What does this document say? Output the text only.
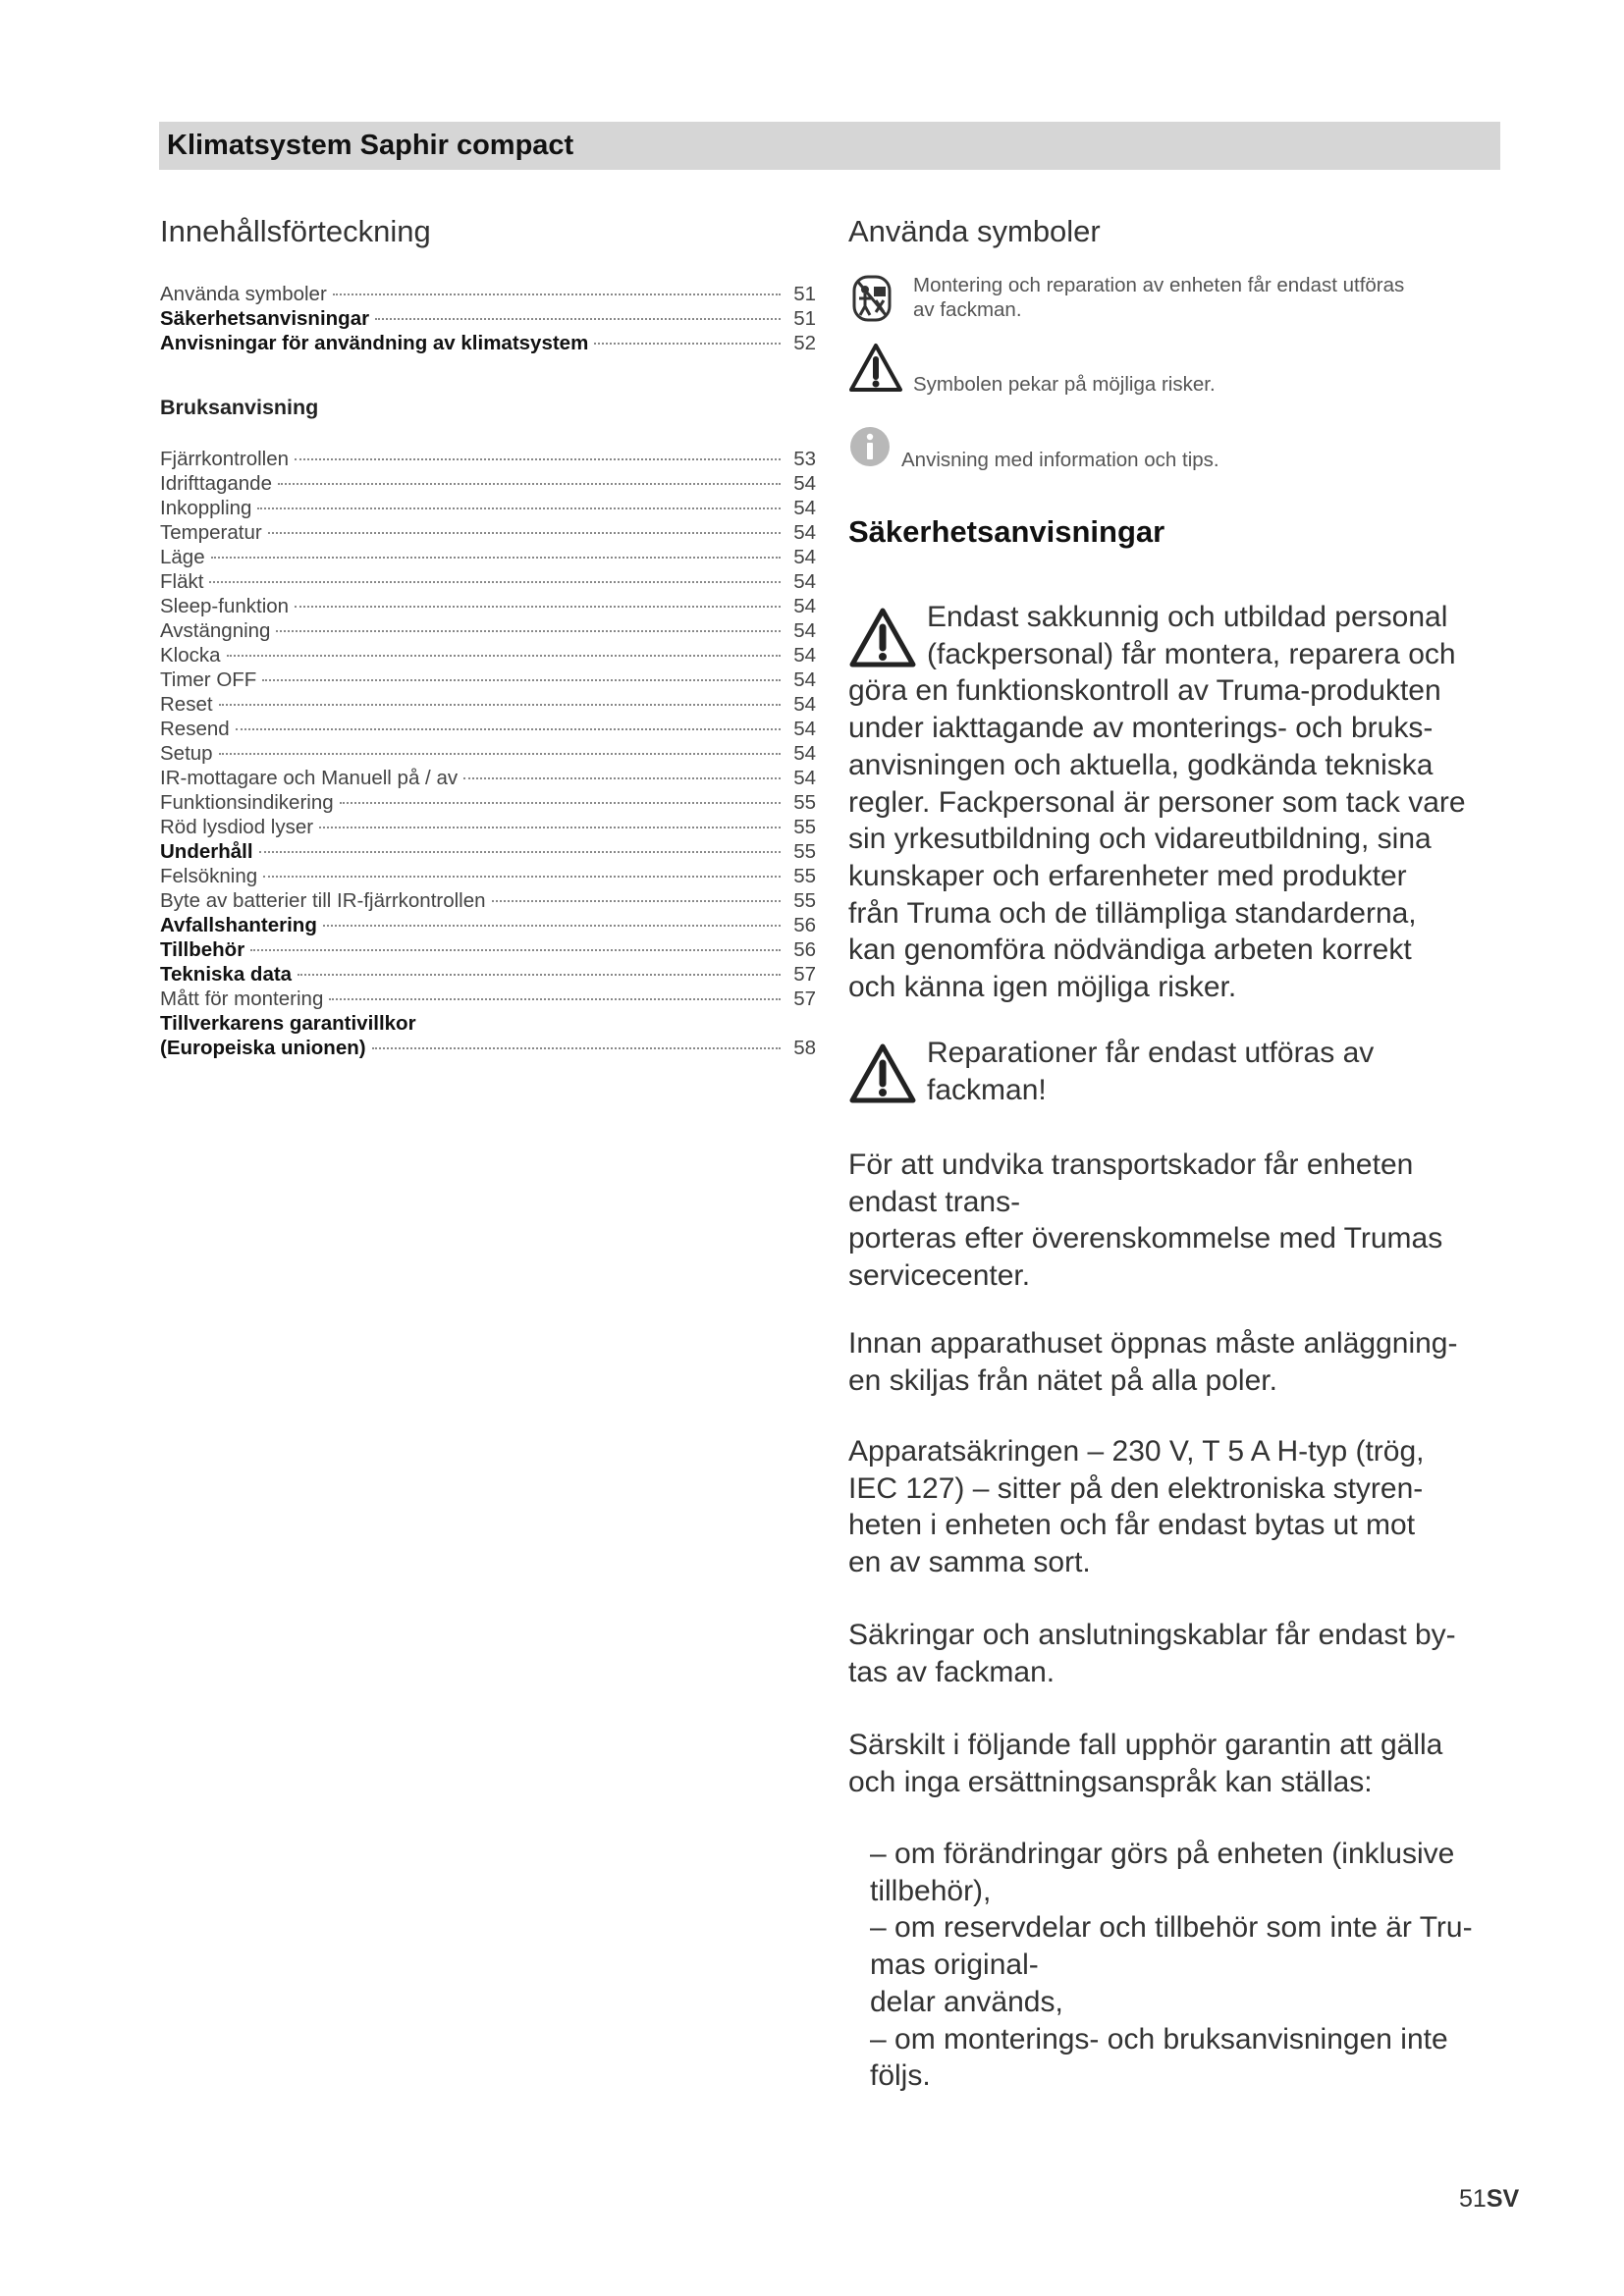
Klimatsystem Saphir compact
Innehållsförteckning
Använda symboler	51
Säkerhetsanvisningar	51
Anvisningar för användning av klimatsystem	52
Bruksanvisning
Fjärrkontrollen	53
Idrifttagande	54
Inkoppling	54
Temperatur	54
Läge	54
Fläkt	54
Sleep-funktion	54
Avstängning	54
Klocka	54
Timer OFF	54
Reset	54
Resend	54
Setup	54
IR-mottagare och Manuell på / av	54
Funktionsindikering	55
Röd lysdiod lyser	55
Underhåll	55
Felsökning	55
Byte av batterier till IR-fjärrkontrollen	55
Avfallshantering	56
Tillbehör	56
Tekniska data	57
Mått för montering	57
Tillverkarens garantivillkor
(Europeiska unionen)	58
Använda symboler
Montering och reparation av enheten får endast utföras
av fackman.
Symbolen pekar på möjliga risker.
Anvisning med information och tips.
Säkerhetsanvisningar
Endast sakkunnig och utbildad personal
(fackpersonal) får montera, reparera och
göra en funktionskontroll av Truma-produkten
under iakttagande av monterings- och bruks-
anvisningen och aktuella, godkända tekniska
regler. Fackpersonal är personer som tack vare
sin yrkesutbildning och vidareutbildning, sina
kunskaper och erfarenheter med produkter
från Truma och de tillämpliga standarderna,
kan genomföra nödvändiga arbeten korrekt
och känna igen möjliga risker.
Reparationer får endast utföras av
fackman!
För att undvika transportskador får enheten
endast trans-
porteras efter överenskommelse med Trumas
servicecenter.
Innan apparathuset öppnas måste anläggning-
en skiljas från nätet på alla poler.
Apparatsäkringen – 230 V, T 5 A H-typ (trög,
IEC 127) – sitter på den elektroniska styren-
heten i enheten och får endast bytas ut mot
en av samma sort.
Säkringar och anslutningskablar får endast by-
tas av fackman.
Särskilt i följande fall upphör garantin att gälla
och inga ersättningsanspråk kan ställas:
– om förändringar görs på enheten (inklusive
tillbehör),
– om reservdelar och tillbehör som inte är Tru-
mas original-
delar används,
– om monterings- och bruksanvisningen inte
följs.
51SV
